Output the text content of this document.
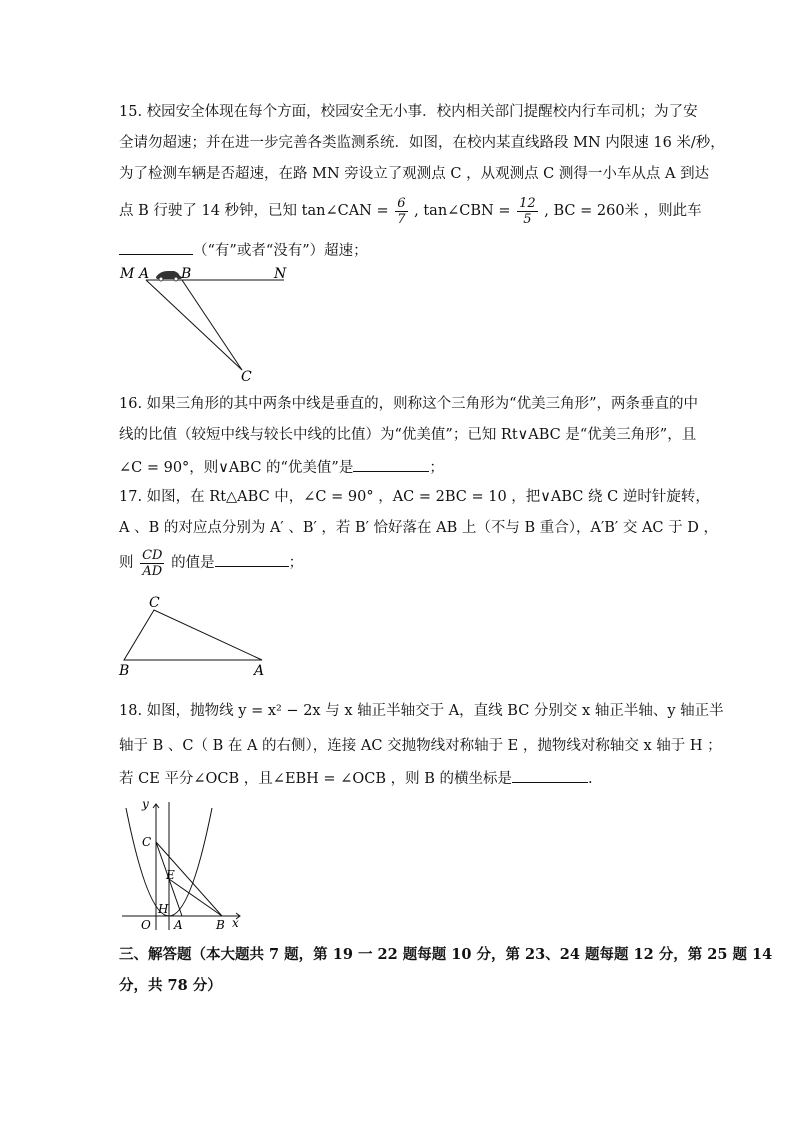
15. 校园安全体现在每个方面，校园安全无小事．校内相关部门提醒校内行车司机；为了安
全请勿超速；并在进一步完善各类监测系统．如图，在校内某直线路段 MN 内限速 16 米/秒，
为了检测车辆是否超速，在路 MN 旁设立了观测点 C ，从观测点 C 测得一小车从点 A 到达
点 B 行驶了 14 秒钟，已知 tan∠CAN = $\frac{6}{7}$ , tan∠CBN = $\frac{12}{5}$ , BC = 260米 ，则此车
（“有”或者“没有”）超速；
M A B	N
C
16. 如果三角形的其中两条中线是垂直的，则称这个三角形为“优美三角形”，两条垂直的中
线的比值（较短中线与较长中线的比值）为“优美值”；已知 Rt∨ABC 是“优美三角形”，且
∠C = 90°，则∨ABC 的“优美值”是	；
17. 如图，在 Rt△ABC 中，∠C = 90° ，AC = 2BC = 10 ，把∨ABC 绕 C 逆时针旋转，
A 、B 的对应点分别为 A′ 、B′ ，若 B′ 恰好落在 AB 上（不与 B 重合），A′B′ 交 AC 于 D ，
则 $\frac{CD}{AD}$ 的值是	；
C
B	A
18. 如图，抛物线 y = x² − 2x 与 x 轴正半轴交于 A，直线 BC 分别交 x 轴正半轴、y 轴正半
轴于 B 、C（ B 在 A 的右侧），连接 AC 交抛物线对称轴于 E ，抛物线对称轴交 x 轴于 H ；
若 CE 平分∠OCB ，且∠EBH = ∠OCB ，则 B 的横坐标是	.
y
x
C
E
H
O A	B
三、解答题（本大题共 7 题，第 19 一 22 题每题 10 分，第 23、24 题每题 12 分，第 25 题 14
分，共 78 分）
